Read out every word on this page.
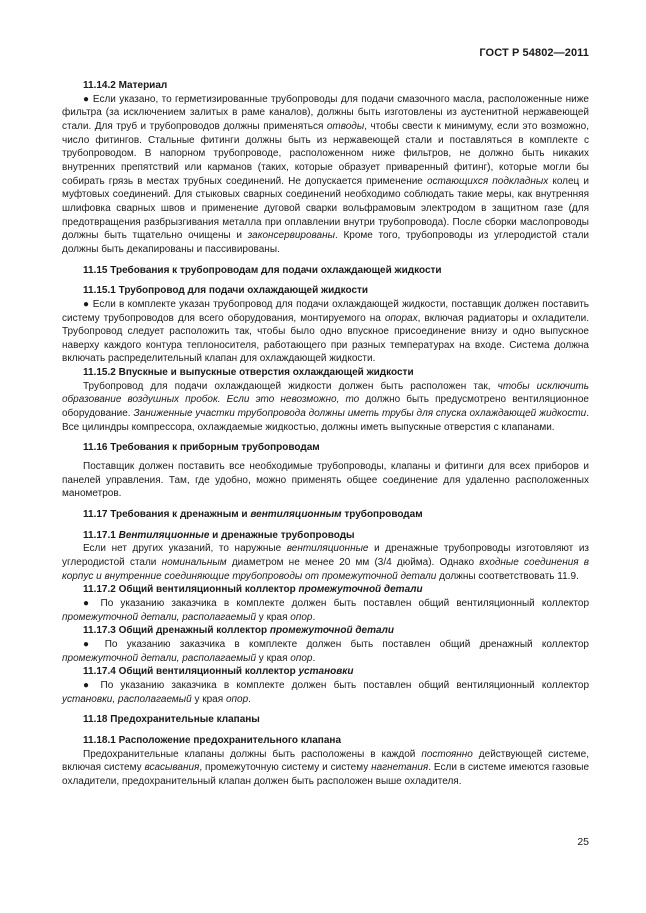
ГОСТ Р 54802—2011

11.14.2 Материал

● Если указано, то герметизированные трубопроводы для подачи смазочного масла, расположенные ниже фильтра (за исключением залитых в раме каналов), должны быть изготовлены из аустенитной нержавеющей стали. Для труб и трубопроводов должны применяться отводы, чтобы свести к минимуму, если это возможно, число фитингов. Стальные фитинги должны быть из нержавеющей стали и поставляться в комплекте с трубопроводом. В напорном трубопроводе, расположенном ниже фильтров, не должно быть никаких внутренних препятствий или карманов (таких, которые образует приваренный фитинг), которые могли бы собирать грязь в местах трубных соединений. Не допускается применение остающихся подкладных колец и муфтовых соединений. Для стыковых сварных соединений необходимо соблюдать такие меры, как внутренняя шлифовка сварных швов и применение дуговой сварки вольфрамовым электродом в защитном газе (для предотвращения разбрызгивания металла при оплавлении внутри трубопровода). После сборки маслопроводы должны быть тщательно очищены и законсервированы. Кроме того, трубопроводы из углеродистой стали должны быть декапированы и пассивированы.

11.15 Требования к трубопроводам для подачи охлаждающей жидкости

11.15.1 Трубопровод для подачи охлаждающей жидкости

● Если в комплекте указан трубопровод для подачи охлаждающей жидкости, поставщик должен поставить систему трубопроводов для всего оборудования, монтируемого на опорах, включая радиаторы и охладители. Трубопровод следует расположить так, чтобы было одно впускное присоединение внизу и одно выпускное наверху каждого контура теплоносителя, работающего при разных температурах на входе. Система должна включать распределительный клапан для охлаждающей жидкости.

11.15.2 Впускные и выпускные отверстия охлаждающей жидкости

Трубопровод для подачи охлаждающей жидкости должен быть расположен так, чтобы исключить образование воздушных пробок. Если это невозможно, то должно быть предусмотрено вентиляционное оборудование. Заниженные участки трубопровода должны иметь трубы для спуска охлаждающей жидкости. Все цилиндры компрессора, охлаждаемые жидкостью, должны иметь выпускные отверстия с клапанами.

11.16 Требования к приборным трубопроводам

Поставщик должен поставить все необходимые трубопроводы, клапаны и фитинги для всех приборов и панелей управления. Там, где удобно, можно применять общее соединение для удаленно расположенных манометров.

11.17 Требования к дренажным и вентиляционным трубопроводам

11.17.1 Вентиляционные и дренажные трубопроводы

Если нет других указаний, то наружные вентиляционные и дренажные трубопроводы изготовляют из углеродистой стали номинальным диаметром не менее 20 мм (3/4 дюйма). Однако входные соединения в корпус и внутренние соединяющие трубопроводы от промежуточной детали должны соответствовать 11.9.

11.17.2 Общий вентиляционный коллектор промежуточной детали

● По указанию заказчика в комплекте должен быть поставлен общий вентиляционный коллектор промежуточной детали, располагаемый у края опор.

11.17.3 Общий дренажный коллектор промежуточной детали

● По указанию заказчика в комплекте должен быть поставлен общий дренажный коллектор промежуточной детали, располагаемый у края опор.

11.17.4 Общий вентиляционный коллектор установки

● По указанию заказчика в комплекте должен быть поставлен общий вентиляционный коллектор установки, располагаемый у края опор.

11.18 Предохранительные клапаны

11.18.1 Расположение предохранительного клапана

Предохранительные клапаны должны быть расположены в каждой постоянно действующей системе, включая систему всасывания, промежуточную систему и систему нагнетания. Если в системе имеются газовые охладители, предохранительный клапан должен быть расположен выше охладителя.

25
